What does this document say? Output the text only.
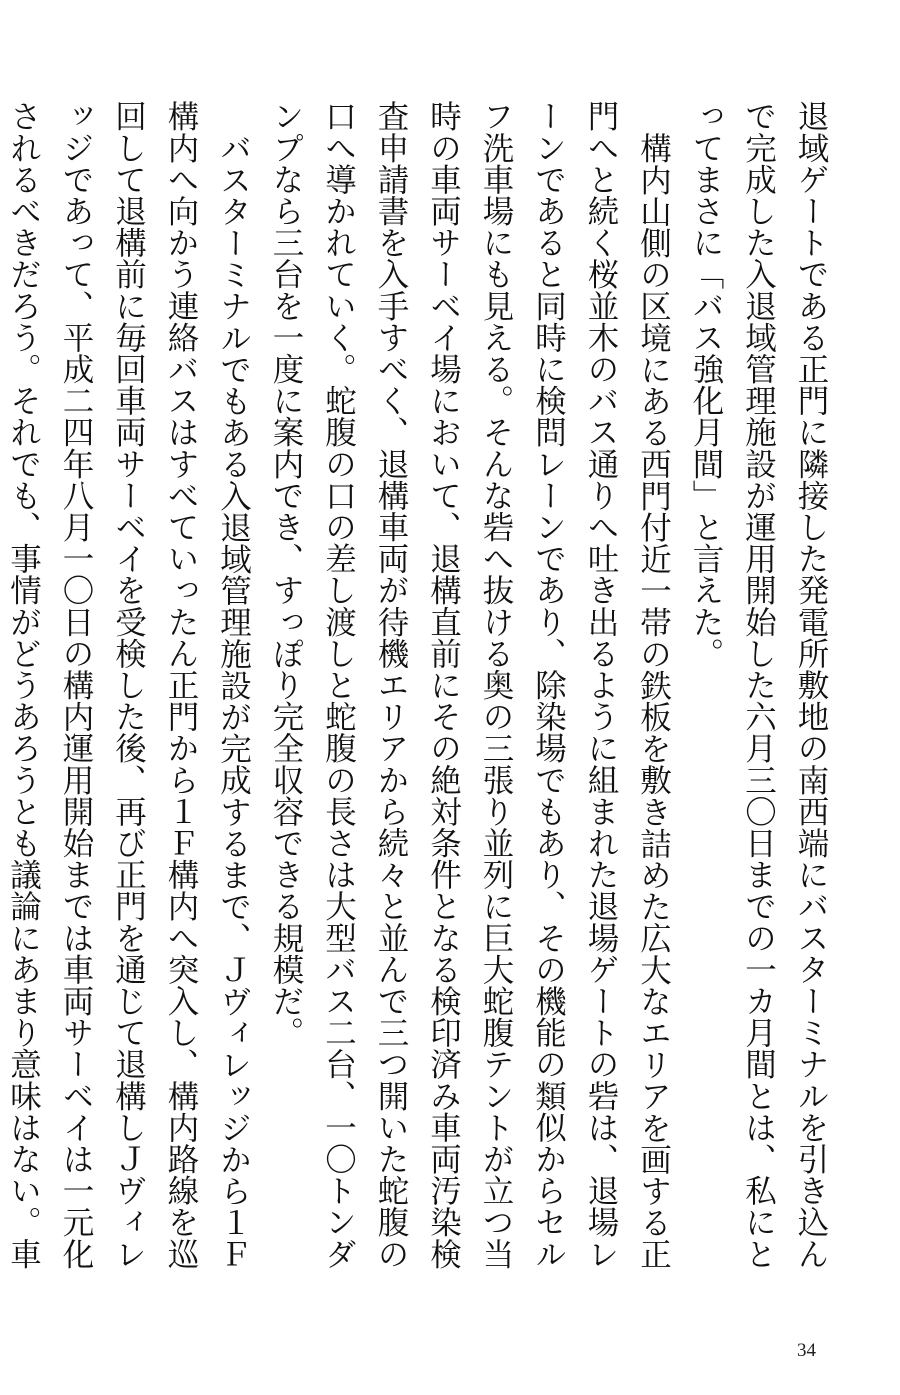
退域ゲートである正門に隣接した発電所敷地の南西端にバスターミナルを引き込んで完成した入退域管理施設が運用開始した六月三〇日までの一カ月間とは、私にとってまさに「バス強化月間」と言えた。

構内山側の区境にある西門付近一帯の鉄板を敷き詰めた広大なエリアを画する正門へと続く桜並木のバス通りへ吐き出るように組まれた退場ゲートの砦は、退場レーンであると同時に検問レーンであり、除染場でもあり、その機能の類似からセルフ洗車場にも見える。そんな砦へ抜ける奥の三張り並列に巨大蛇腹テントが立つ当時の車両サーベイ場において、退構直前にその絶対条件となる検印済み車両汚染検査申請書を入手すべく、退構車両が待機エリアから続々と並んで三つ開いた蛇腹の口へ導かれていく。蛇腹の口の差し渡しと蛇腹の長さは大型バス二台、一〇トンダンプなら三台を一度に案内でき、すっぽり完全収容できる規模だ。

バスターミナルでもある入退域管理施設が完成するまで、Ｊヴィレッジから１Ｆ構内へ向かう連絡バスはすべていったん正門から１Ｆ構内へ突入し、構内路線を巡回して退構前に毎回車両サーベイを受検した後、再び正門を通じて退構しＪヴィレッジであって、平成二四年八月一〇日の構内運用開始までは車両サーベイは一元化されるべきだろう。それでも、事情がどうあろうとも議論にあまり意味はない。車

34
